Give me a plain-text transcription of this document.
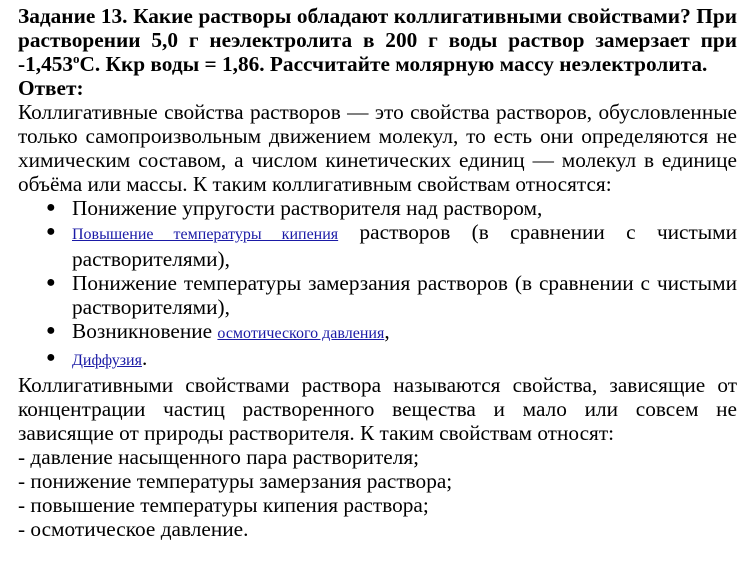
Задание 13. Какие растворы обладают коллигативными свойствами? При растворении 5,0 г неэлектролита в 200 г воды раствор замерзает при $-1,453^оС$. Ккр воды = 1,86. Рассчитайте молярную массу неэлектролита.

Ответ:

Коллигативные свойства растворов — это свойства растворов, обусловленные только самопроизвольным движением молекул, то есть они определяются не химическим составом, а числом кинетических единиц — молекул в единице объёма или массы. К таким коллигативным свойствам относятся:

● Понижение упругости растворителя над раствором,
● Повышение температуры кипения растворов (в сравнении с чистыми растворителями),
● Понижение температуры замерзания растворов (в сравнении с чистыми растворителями),
● Возникновение осмотического давления,
● Диффузия.

Коллигативными свойствами раствора называются свойства, зависящие от концентрации частиц растворенного вещества и мало или совсем не зависящие от природы растворителя. К таким свойствам относят:

- давление насыщенного пара растворителя;

- понижение температуры замерзания раствора;

- повышение температуры кипения раствора;

- осмотическое давление.
